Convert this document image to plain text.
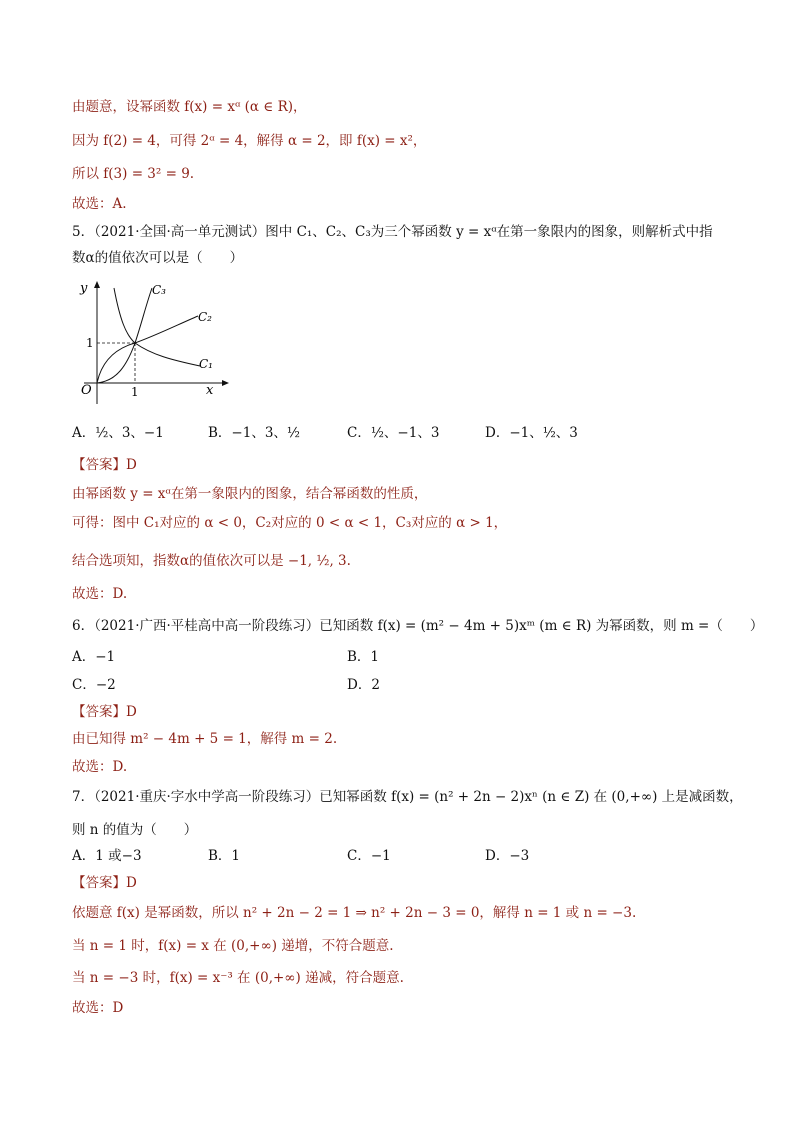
由题意，设幂函数 f(x) = xᵅ (α ∈ R)，
因为 f(2) = 4，可得 2ᵅ = 4，解得 α = 2，即 f(x) = x²，
所以 f(3) = 3² = 9.
故选：A.
5．（2021·全国·高一单元测试）图中 C₁、C₂、C₃为三个幂函数 y = xᵅ在第一象限内的图象，则解析式中指
数α的值依次可以是（　　）
y
x
O	1
1
C₃
C₂
C₁
A．½、3、−1	B．−1、3、½	C．½、−1、3	D．−1、½、3
【答案】D
由幂函数 y = xᵅ在第一象限内的图象，结合幂函数的性质，
可得：图中 C₁对应的 α < 0，C₂对应的 0 < α < 1，C₃对应的 α > 1，
结合选项知，指数α的值依次可以是 −1, ½, 3.
故选：D.
6．（2021·广西·平桂高中高一阶段练习）已知函数 f(x) = (m² − 4m + 5)xᵐ (m ∈ R) 为幂函数，则 m =（　　）
A．−1	B．1
C．−2	D．2
【答案】D
由已知得 m² − 4m + 5 = 1，解得 m = 2.
故选：D.
7．（2021·重庆·字水中学高一阶段练习）已知幂函数 f(x) = (n² + 2n − 2)xⁿ (n ∈ Z) 在 (0,+∞) 上是减函数，
则 n 的值为（　　）
A．1 或−3	B．1	C．−1	D．−3
【答案】D
依题意 f(x) 是幂函数，所以 n² + 2n − 2 = 1 ⇒ n² + 2n − 3 = 0，解得 n = 1 或 n = −3.
当 n = 1 时，f(x) = x 在 (0,+∞) 递增，不符合题意.
当 n = −3 时，f(x) = x⁻³ 在 (0,+∞) 递减，符合题意.
故选：D
